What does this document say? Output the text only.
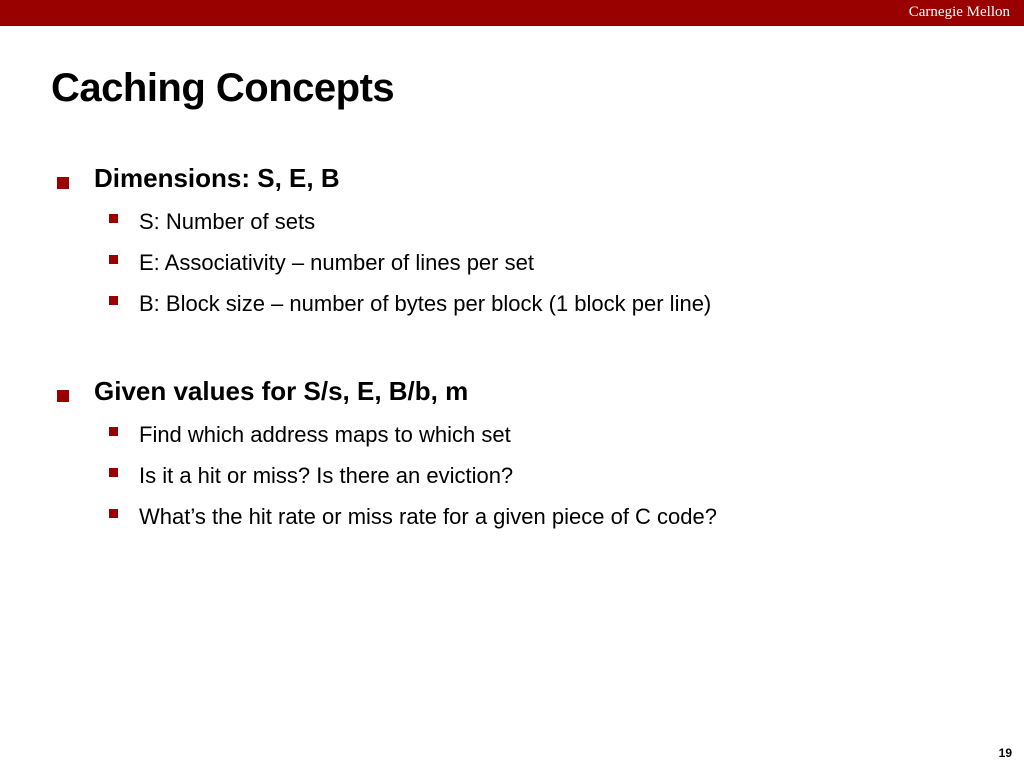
Carnegie Mellon
Caching Concepts
Dimensions: S, E, B
S: Number of sets
E: Associativity – number of lines per set
B: Block size – number of bytes per block (1 block per line)
Given values for S/s, E, B/b, m
Find which address maps to which set
Is it a hit or miss? Is there an eviction?
What’s the hit rate or miss rate for a given piece of C code?
19
